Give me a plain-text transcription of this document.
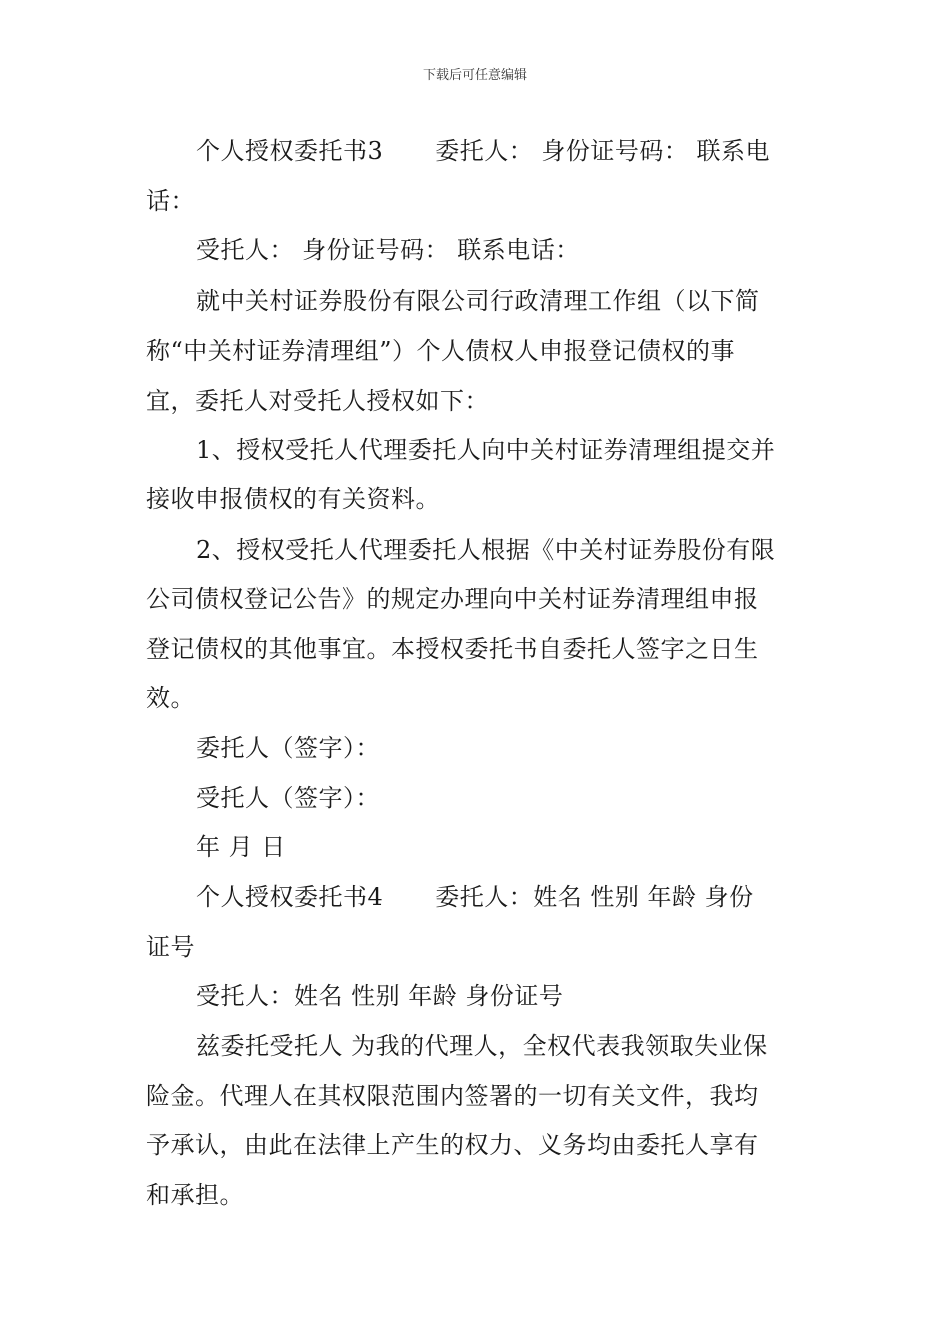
下载后可任意编辑
个人授权委托书3 委托人： 身份证号码： 联系电
话：
受托人： 身份证号码： 联系电话：
就中关村证券股份有限公司行政清理工作组（以下简
称“中关村证券清理组”）个人债权人申报登记债权的事
宜，委托人对受托人授权如下：
1、授权受托人代理委托人向中关村证券清理组提交并
接收申报债权的有关资料。
2、授权受托人代理委托人根据《中关村证券股份有限
公司债权登记公告》的规定办理向中关村证券清理组申报
登记债权的其他事宜。本授权委托书自委托人签字之日生
效。
委托人（签字）：
受托人（签字）：
年 月 日
个人授权委托书4 委托人：姓名 性别 年龄 身份
证号
受托人：姓名 性别 年龄 身份证号
兹委托受托人 为我的代理人，全权代表我领取失业保
险金。代理人在其权限范围内签署的一切有关文件，我均
予承认，由此在法律上产生的权力、义务均由委托人享有
和承担。
